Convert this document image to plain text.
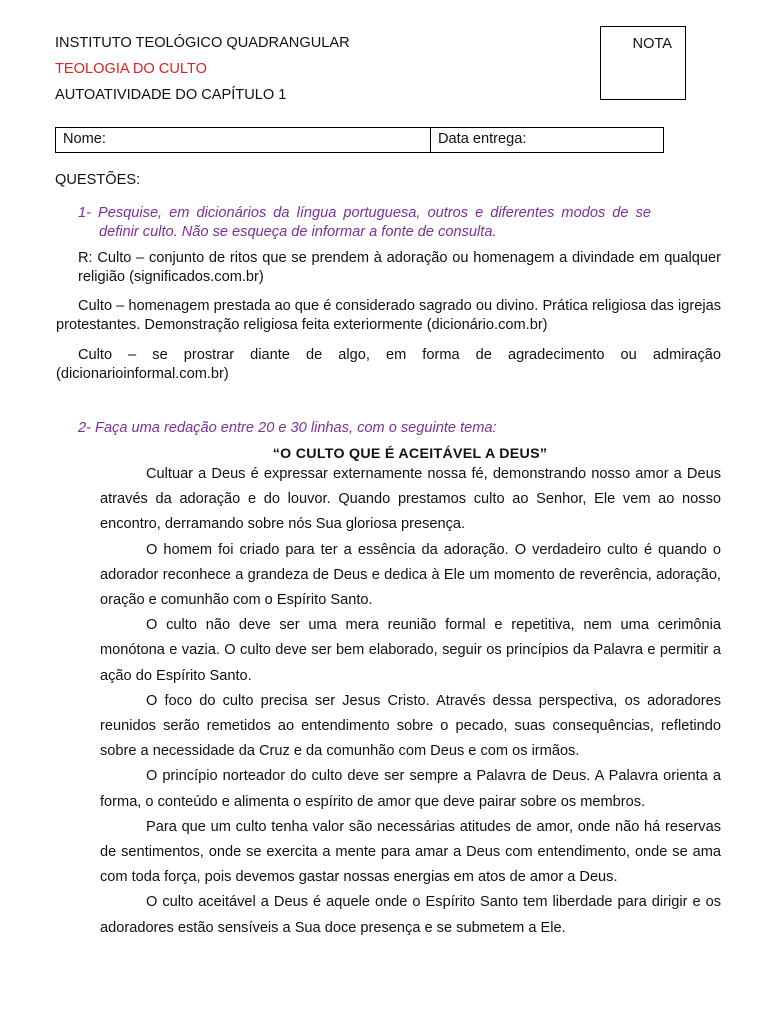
INSTITUTO TEOLÓGICO QUADRANGULAR
TEOLOGIA DO CULTO
AUTOATIVIDADE DO CAPÍTULO 1
NOTA
Nome:	Data entrega:
QUESTÕES:
1- Pesquise, em dicionários da língua portuguesa, outros e diferentes modos de se definir culto. Não se esqueça de informar a fonte de consulta.
R: Culto – conjunto de ritos que se prendem à adoração ou homenagem a divindade em qualquer religião (significados.com.br)
Culto – homenagem prestada ao que é considerado sagrado ou divino. Prática religiosa das igrejas protestantes. Demonstração religiosa feita exteriormente (dicionário.com.br)
Culto – se prostrar diante de algo, em forma de agradecimento ou admiração (dicionarioinformal.com.br)
2- Faça uma redação entre 20 e 30 linhas, com o seguinte tema:
“O CULTO QUE É ACEITÁVEL A DEUS”

Cultuar a Deus é expressar externamente nossa fé, demonstrando nosso amor a Deus através da adoração e do louvor. Quando prestamos culto ao Senhor, Ele vem ao nosso encontro, derramando sobre nós Sua gloriosa presença.

O homem foi criado para ter a essência da adoração. O verdadeiro culto é quando o adorador reconhece a grandeza de Deus e dedica à Ele um momento de reverência, adoração, oração e comunhão com o Espírito Santo.

O culto não deve ser uma mera reunião formal e repetitiva, nem uma cerimônia monótona e vazia. O culto deve ser bem elaborado, seguir os princípios da Palavra e permitir a ação do Espírito Santo.

O foco do culto precisa ser Jesus Cristo. Através dessa perspectiva, os adoradores reunidos serão remetidos ao entendimento sobre o pecado, suas consequências, refletindo sobre a necessidade da Cruz e da comunhão com Deus e com os irmãos.

O princípio norteador do culto deve ser sempre a Palavra de Deus. A Palavra orienta a forma, o conteúdo e alimenta o espírito de amor que deve pairar sobre os membros.

Para que um culto tenha valor são necessárias atitudes de amor, onde não há reservas de sentimentos, onde se exercita a mente para amar a Deus com entendimento, onde se ama com toda força, pois devemos gastar nossas energias em atos de amor a Deus.

O culto aceitável a Deus é aquele onde o Espírito Santo tem liberdade para dirigir e os adoradores estão sensíveis a Sua doce presença e se submetem a Ele.
